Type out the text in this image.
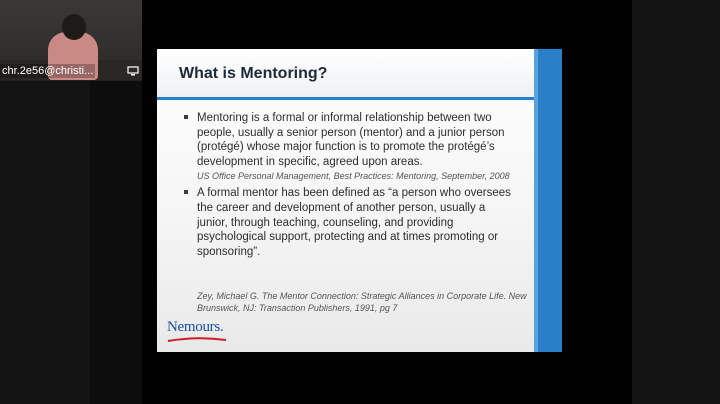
chr.2e56@christi...	What is Mentoring?
Mentoring is a formal or informal relationship between two people, usually a senior person (mentor) and a junior person (protégé) whose major function is to promote the protégé’s development in specific, agreed upon areas.
US Office Personal Management, Best Practices: Mentoring, September, 2008
A formal mentor has been defined as “a person who oversees the career and development of another person, usually a junior, through teaching, counseling, and providing psychological support, protecting and at times promoting or sponsoring”.
Zey, Michael G. The Mentor Connection: Strategic Alliances in Corporate Life. New Brunswick, NJ: Transaction Publishers, 1991, pg 7
Nemours.
